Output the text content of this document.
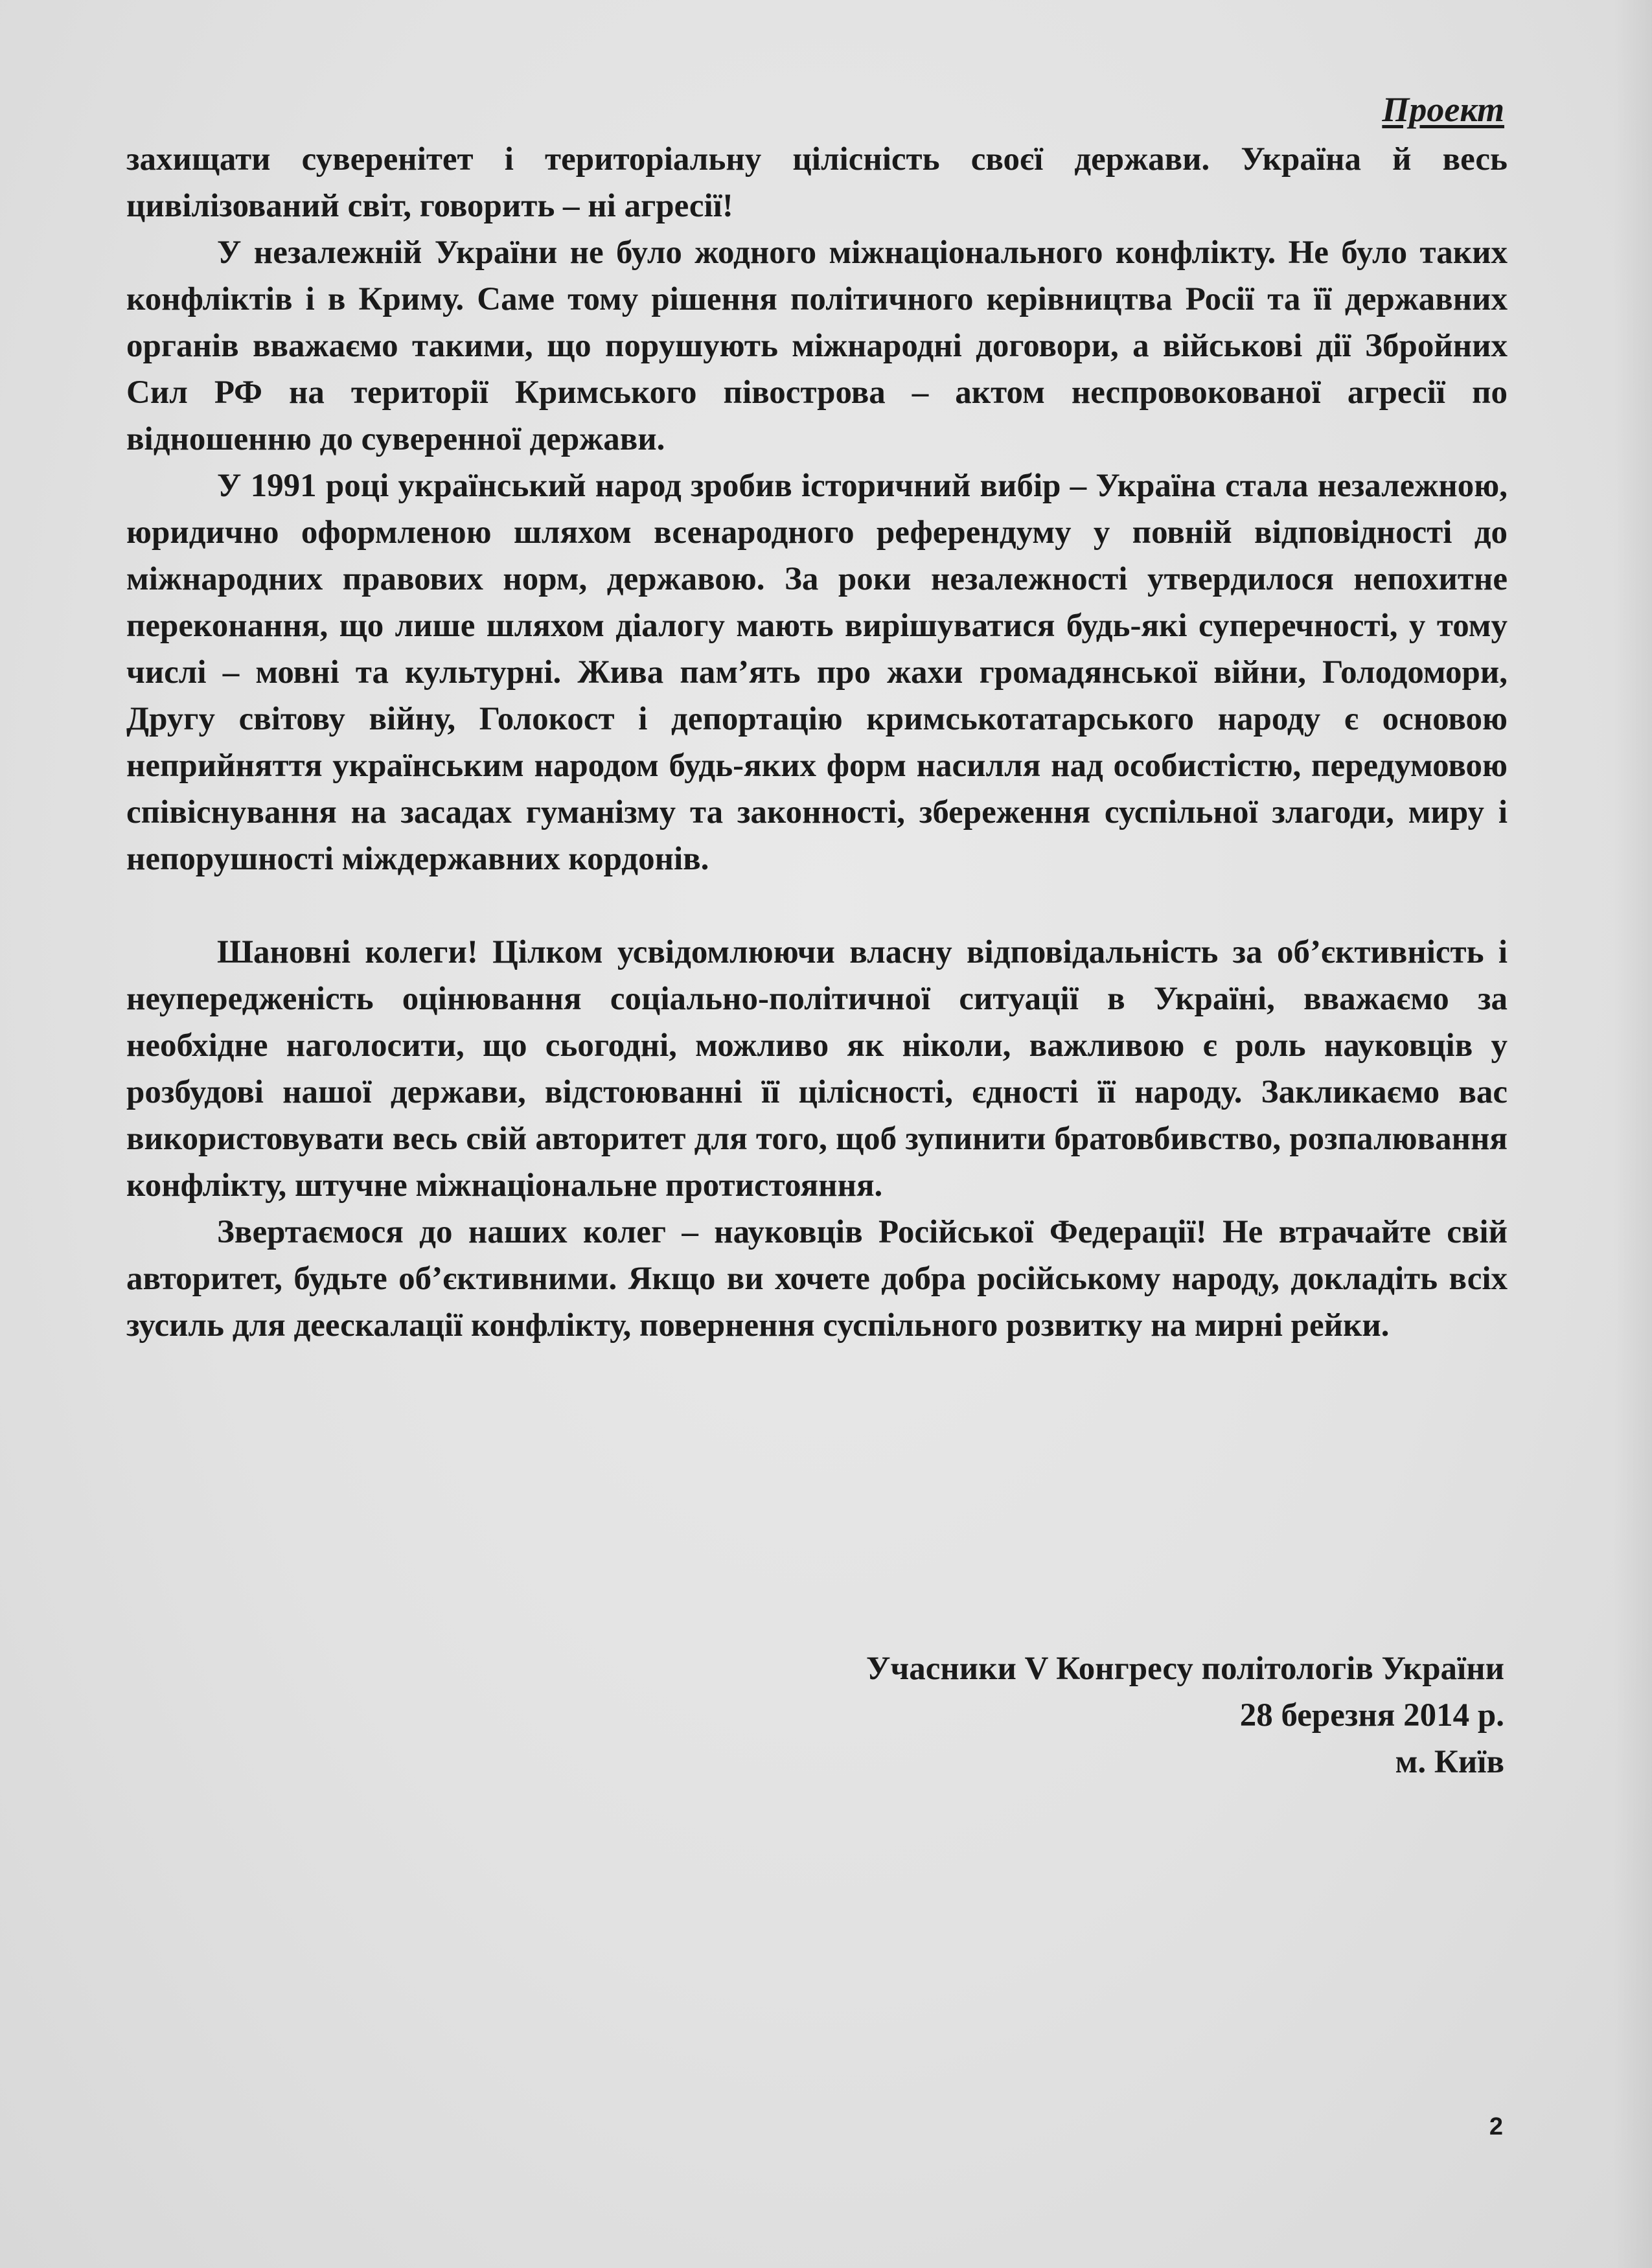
Проект

захищати суверенітет і територіальну цілісність своєї держави. Україна й весь цивілізований світ, говорить – ні агресії!

У незалежній України не було жодного міжнаціонального конфлікту. Не було таких конфліктів і в Криму. Саме тому рішення політичного керівництва Росії та її державних органів вважаємо такими, що порушують міжнародні договори, а військові дії Збройних Сил РФ на території Кримського півострова – актом неспровокованої агресії по відношенню до суверенної держави.

У 1991 році український народ зробив історичний вибір – Україна стала незалежною, юридично оформленою шляхом всенародного референдуму у повній відповідності до міжнародних правових норм, державою. За роки незалежності утвердилося непохитне переконання, що лише шляхом діалогу мають вирішуватися будь-які суперечності, у тому числі – мовні та культурні. Жива пам’ять про жахи громадянської війни, Голодомори, Другу світову війну, Голокост і депортацію кримськотатарського народу є основою неприйняття українським народом будь-яких форм насилля над особистістю, передумовою співіснування на засадах гуманізму та законності, збереження суспільної злагоди, миру і непорушності міждержавних кордонів.

Шановні колеги! Цілком усвідомлюючи власну відповідальність за об’єктивність і неупередженість оцінювання соціально-політичної ситуації в Україні, вважаємо за необхідне наголосити, що сьогодні, можливо як ніколи, важливою є роль науковців у розбудові нашої держави, відстоюванні її цілісності, єдності її народу. Закликаємо вас використовувати весь свій авторитет для того, щоб зупинити братовбивство, розпалювання конфлікту, штучне міжнаціональне протистояння.

Звертаємося до наших колег – науковців Російської Федерації! Не втрачайте свій авторитет, будьте об’єктивними. Якщо ви хочете добра російському народу, докладіть всіх зусиль для деескалації конфлікту, повернення суспільного розвитку на мирні рейки.

Учасники V Конгресу політологів України
28 березня 2014 р.
м. Київ
2
